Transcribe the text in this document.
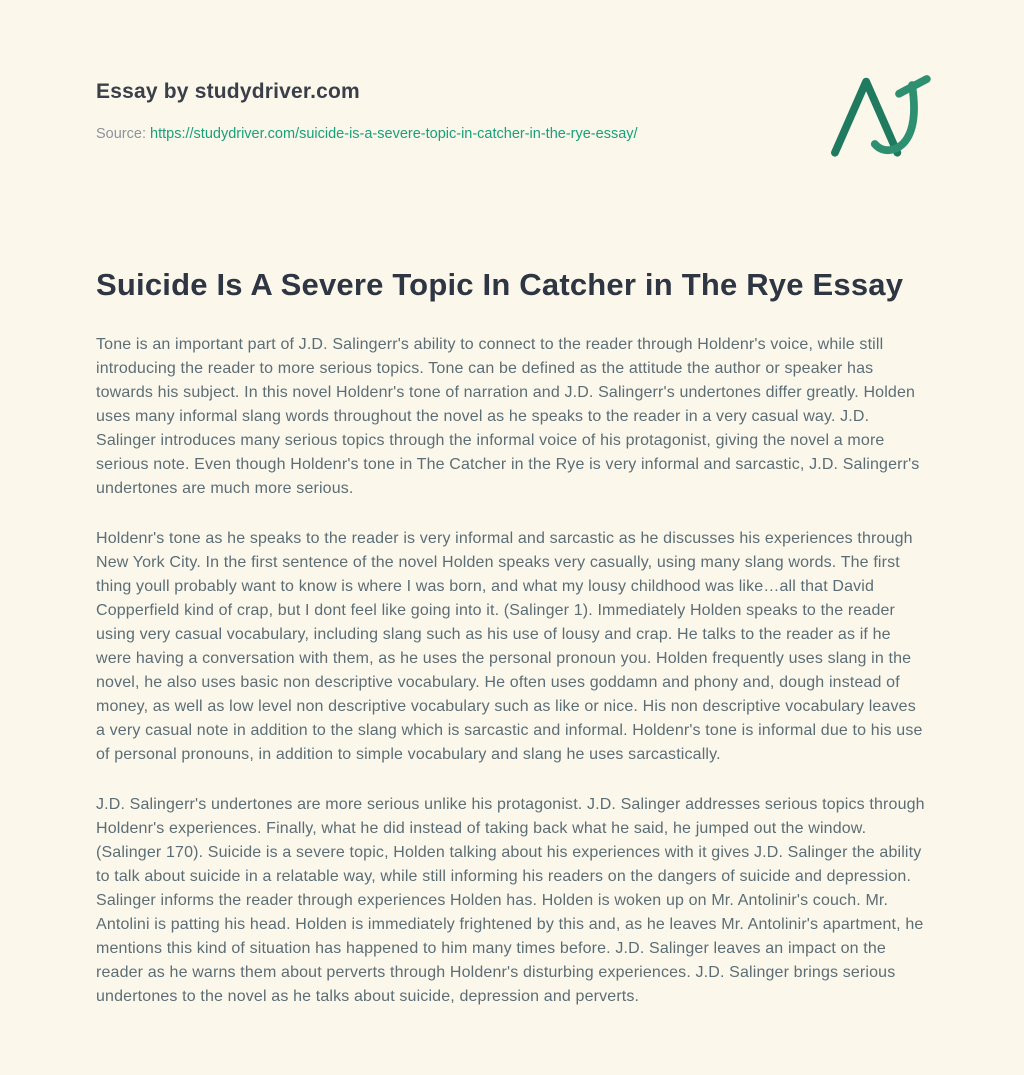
Essay by studydriver.com
Source: https://studydriver.com/suicide-is-a-severe-topic-in-catcher-in-the-rye-essay/
Suicide Is A Severe Topic In Catcher in The Rye Essay

Tone is an important part of J.D. Salingerr's ability to connect to the reader through Holdenr's voice, while still introducing the reader to more serious topics. Tone can be defined as the attitude the author or speaker has towards his subject. In this novel Holdenr's tone of narration and J.D. Salingerr's undertones differ greatly. Holden uses many informal slang words throughout the novel as he speaks to the reader in a very casual way. J.D. Salinger introduces many serious topics through the informal voice of his protagonist, giving the novel a more serious note. Even though Holdenr's tone in The Catcher in the Rye is very informal and sarcastic, J.D. Salingerr's undertones are much more serious.

Holdenr's tone as he speaks to the reader is very informal and sarcastic as he discusses his experiences through New York City. In the first sentence of the novel Holden speaks very casually, using many slang words. The first thing youll probably want to know is where I was born, and what my lousy childhood was like…all that David Copperfield kind of crap, but I dont feel like going into it. (Salinger 1). Immediately Holden speaks to the reader using very casual vocabulary, including slang such as his use of lousy and crap. He talks to the reader as if he were having a conversation with them, as he uses the personal pronoun you. Holden frequently uses slang in the novel, he also uses basic non descriptive vocabulary. He often uses goddamn and phony and, dough instead of money, as well as low level non descriptive vocabulary such as like or nice. His non descriptive vocabulary leaves a very casual note in addition to the slang which is sarcastic and informal. Holdenr's tone is informal due to his use of personal pronouns, in addition to simple vocabulary and slang he uses sarcastically.

J.D. Salingerr's undertones are more serious unlike his protagonist. J.D. Salinger addresses serious topics through Holdenr's experiences. Finally, what he did instead of taking back what he said, he jumped out the window. (Salinger 170). Suicide is a severe topic, Holden talking about his experiences with it gives J.D. Salinger the ability to talk about suicide in a relatable way, while still informing his readers on the dangers of suicide and depression. Salinger informs the reader through experiences Holden has. Holden is woken up on Mr. Antolinir's couch. Mr. Antolini is patting his head. Holden is immediately frightened by this and, as he leaves Mr. Antolinir's apartment, he mentions this kind of situation has happened to him many times before. J.D. Salinger leaves an impact on the reader as he warns them about perverts through Holdenr's disturbing experiences. J.D. Salinger brings serious undertones to the novel as he talks about suicide, depression and perverts.
